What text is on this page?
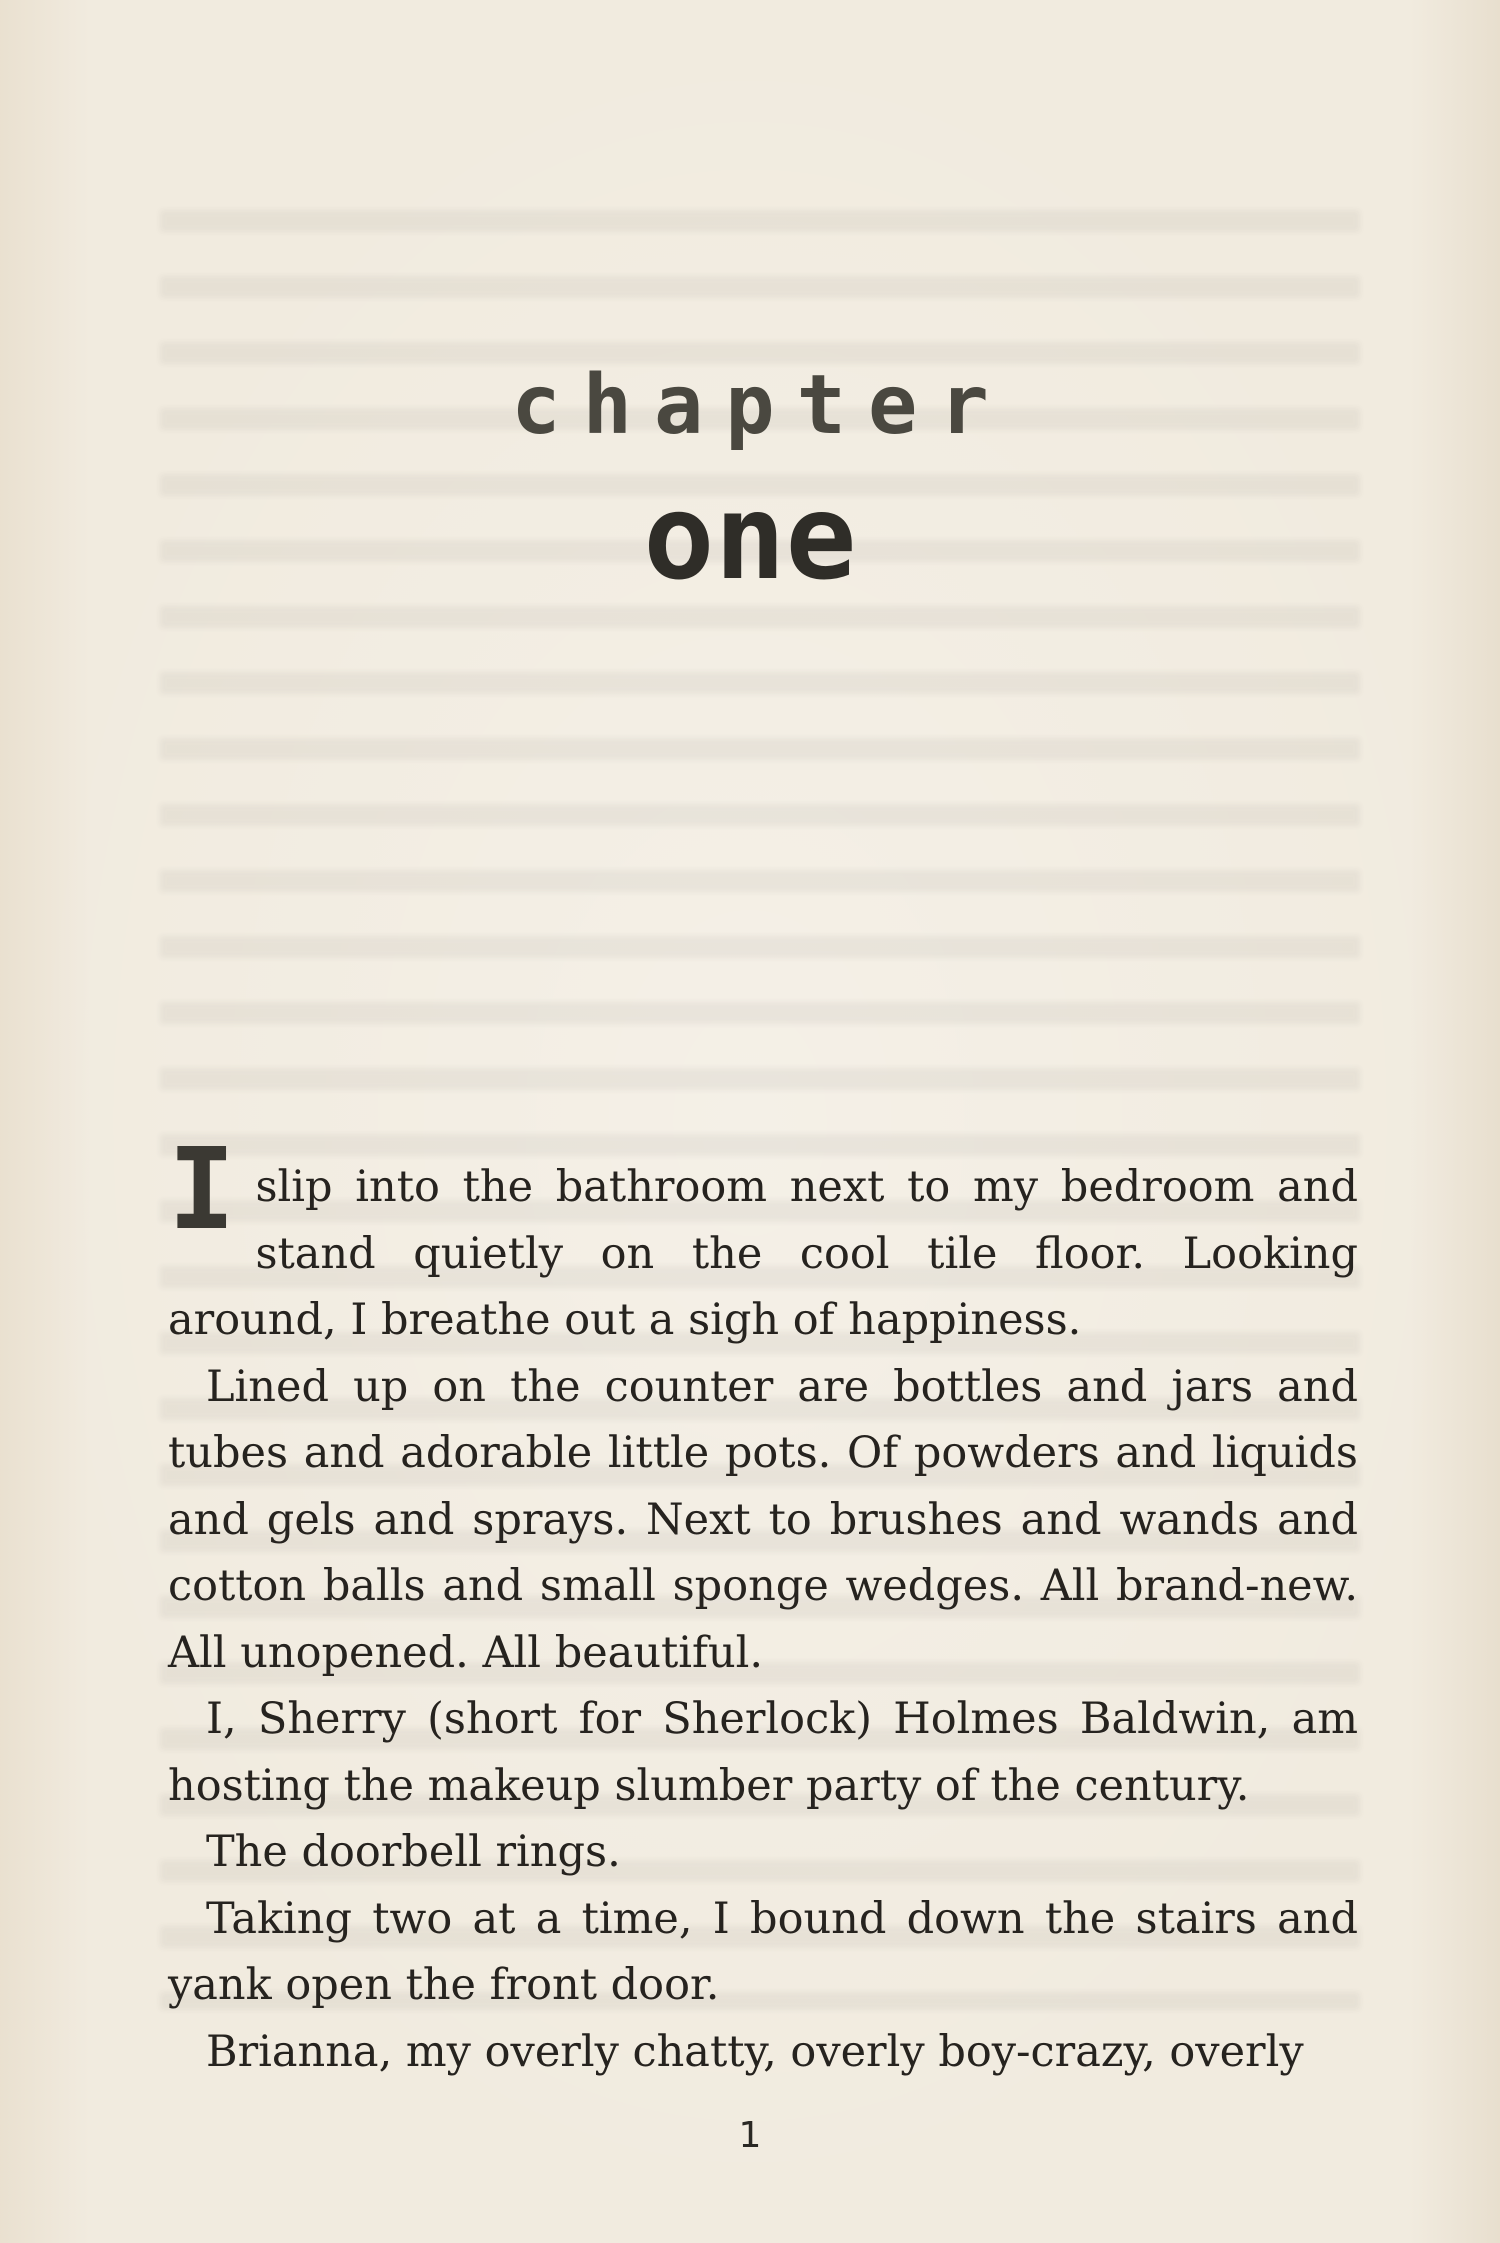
chapter
one

I slip into the bathroom next to my bedroom and stand quietly on the cool tile floor. Looking around, I breathe out a sigh of happiness.

Lined up on the counter are bottles and jars and tubes and adorable little pots. Of powders and liquids and gels and sprays. Next to brushes and wands and cotton balls and small sponge wedges. All brand-new. All unopened. All beautiful.

I, Sherry (short for Sherlock) Holmes Baldwin, am hosting the makeup slumber party of the century.

The doorbell rings.

Taking two at a time, I bound down the stairs and yank open the front door.

Brianna, my overly chatty, overly boy-crazy, overly

1
